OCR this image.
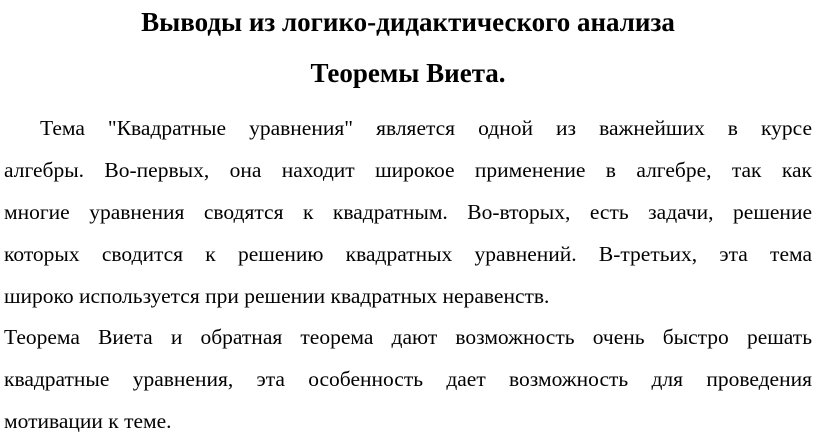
Выводы из логико-дидактического анализа
Теоремы Виета.
Тема "Квадратные уравнения" является одной из важнейших в курсе
алгебры. Во-первых, она находит широкое применение в алгебре, так как
многие уравнения сводятся к квадратным. Во-вторых, есть задачи, решение
которых сводится к решению квадратных уравнений. В-третьих, эта тема
широко используется при решении квадратных неравенств.
Теорема Виета и обратная теорема дают возможность очень быстро решать
квадратные уравнения, эта особенность дает возможность для проведения
мотивации к теме.
